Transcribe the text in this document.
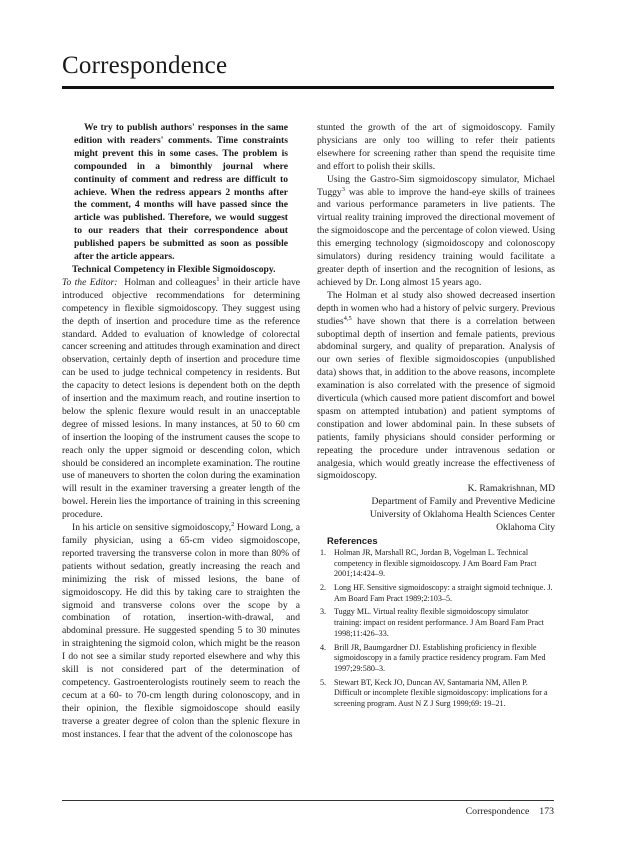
Correspondence

We try to publish authors' responses in the same edition with readers' comments. Time constraints might prevent this in some cases. The problem is compounded in a bimonthly journal where continuity of comment and redress are difficult to achieve. When the redress appears 2 months after the comment, 4 months will have passed since the article was published. Therefore, we would suggest to our readers that their correspondence about published papers be submitted as soon as possible after the article appears.

Technical Competency in Flexible Sigmoidoscopy.

To the Editor: Holman and colleagues$^1$ in their article have introduced objective recommendations for determining competency in flexible sigmoidoscopy. They suggest using the depth of insertion and procedure time as the reference standard. Added to evaluation of knowledge of colorectal cancer screening and attitudes through examination and direct observation, certainly depth of insertion and procedure time can be used to judge technical competency in residents. But the capacity to detect lesions is dependent both on the depth of insertion and the maximum reach, and routine insertion to below the splenic flexure would result in an unacceptable degree of missed lesions. In many instances, at 50 to 60 cm of insertion the looping of the instrument causes the scope to reach only the upper sigmoid or descending colon, which should be considered an incomplete examination. The routine use of maneuvers to shorten the colon during the examination will result in the examiner traversing a greater length of the bowel. Herein lies the importance of training in this screening procedure.

In his article on sensitive sigmoidoscopy,$^2$ Howard Long, a family physician, using a 65-cm video sigmoidoscope, reported traversing the transverse colon in more than 80% of patients without sedation, greatly increasing the reach and minimizing the risk of missed lesions, the bane of sigmoidoscopy. He did this by taking care to straighten the sigmoid and transverse colons over the scope by a combination of rotation, insertion-with-drawal, and abdominal pressure. He suggested spending 5 to 30 minutes in straightening the sigmoid colon, which might be the reason I do not see a similar study reported elsewhere and why this skill is not considered part of the determination of competency. Gastroenterologists routinely seem to reach the cecum at a 60- to 70-cm length during colonoscopy, and in their opinion, the flexible sigmoidoscope should easily traverse a greater degree of colon than the splenic flexure in most instances. I fear that the advent of the colonoscope has

stunted the growth of the art of sigmoidoscopy. Family physicians are only too willing to refer their patients elsewhere for screening rather than spend the requisite time and effort to polish their skills.

Using the Gastro-Sim sigmoidoscopy simulator, Michael Tuggy$^3$ was able to improve the hand-eye skills of trainees and various performance parameters in live patients. The virtual reality training improved the directional movement of the sigmoidoscope and the percentage of colon viewed. Using this emerging technology (sigmoidoscopy and colonoscopy simulators) during residency training would facilitate a greater depth of insertion and the recognition of lesions, as achieved by Dr. Long almost 15 years ago.

The Holman et al study also showed decreased insertion depth in women who had a history of pelvic surgery. Previous studies$^{4,5}$ have shown that there is a correlation between suboptimal depth of insertion and female patients, previous abdominal surgery, and quality of preparation. Analysis of our own series of flexible sigmoidoscopies (unpublished data) shows that, in addition to the above reasons, incomplete examination is also correlated with the presence of sigmoid diverticula (which caused more patient discomfort and bowel spasm on attempted intubation) and patient symptoms of constipation and lower abdominal pain. In these subsets of patients, family physicians should consider performing or repeating the procedure under intravenous sedation or analgesia, which would greatly increase the effectiveness of sigmoidoscopy.

K. Ramakrishnan, MD

Department of Family and Preventive Medicine

University of Oklahoma Health Sciences Center

Oklahoma City

References

1. Holman JR, Marshall RC, Jordan B, Vogelman L. Technical competency in flexible sigmoidoscopy. J Am Board Fam Pract 2001;14:424–9.
2. Long HF. Sensitive sigmoidoscopy: a straight sigmoid technique. J. Am Board Fam Pract 1989;2:103–5.
3. Tuggy ML. Virtual reality flexible sigmoidoscopy simulator training: impact on resident performance. J Am Board Fam Pract 1998;11:426–33.
4. Brill JR, Baumgardner DJ. Establishing proficiency in flexible sigmoidoscopy in a family practice residency program. Fam Med 1997;29:580–3.
5. Stewart BT, Keck JO, Duncan AV, Santamaria NM, Allen P. Difficult or incomplete flexible sigmoidoscopy: implications for a screening program. Aust N Z J Surg 1999;69: 19–21.
Correspondence 173
